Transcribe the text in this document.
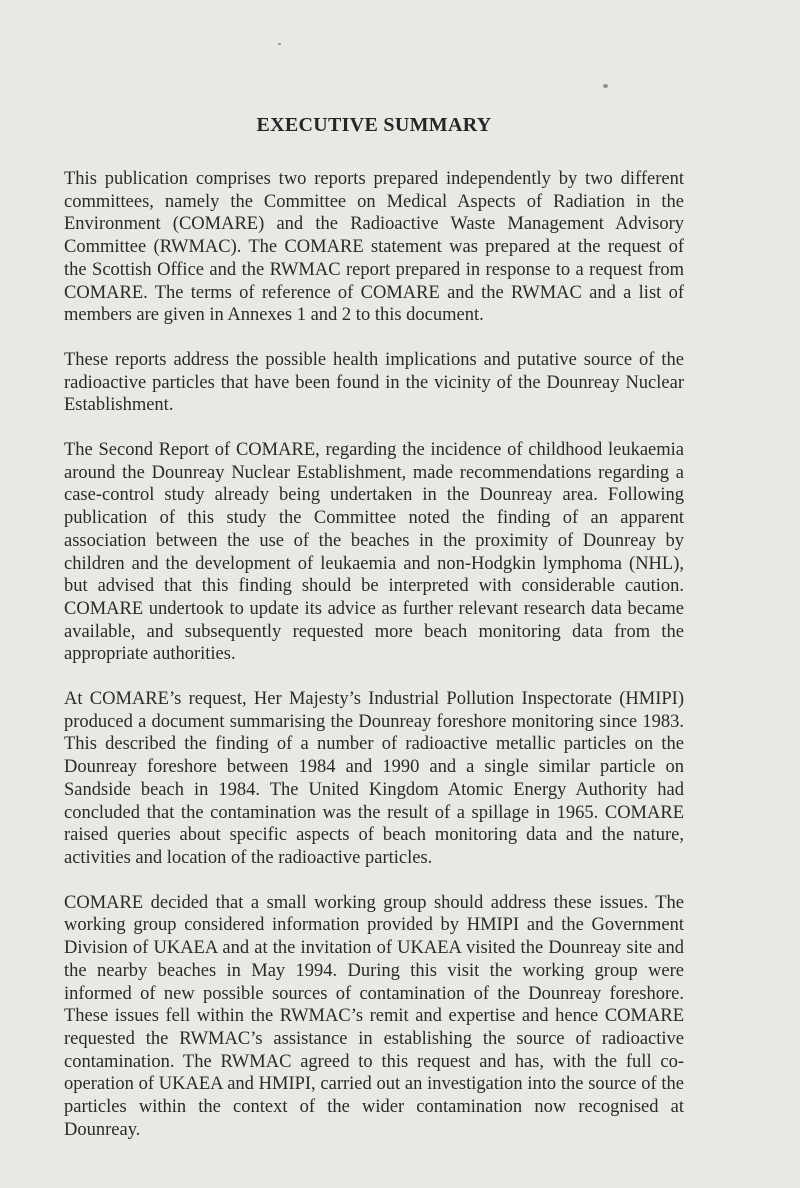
EXECUTIVE SUMMARY

This publication comprises two reports prepared independently by two different committees, namely the Committee on Medical Aspects of Radiation in the Environment (COMARE) and the Radioactive Waste Management Advisory Committee (RWMAC). The COMARE statement was prepared at the request of the Scottish Office and the RWMAC report prepared in response to a request from COMARE. The terms of reference of COMARE and the RWMAC and a list of members are given in Annexes 1 and 2 to this document.

These reports address the possible health implications and putative source of the radioactive particles that have been found in the vicinity of the Dounreay Nuclear Establishment.

The Second Report of COMARE, regarding the incidence of childhood leukaemia around the Dounreay Nuclear Establishment, made recommendations regarding a case-control study already being undertaken in the Dounreay area. Following publication of this study the Committee noted the finding of an apparent association between the use of the beaches in the proximity of Dounreay by children and the development of leukaemia and non-Hodgkin lymphoma (NHL), but advised that this finding should be interpreted with considerable caution. COMARE undertook to update its advice as further relevant research data became available, and subsequently requested more beach monitoring data from the appropriate authorities.

At COMARE’s request, Her Majesty’s Industrial Pollution Inspectorate (HMIPI) produced a document summarising the Dounreay foreshore monitoring since 1983. This described the finding of a number of radioactive metallic particles on the Dounreay foreshore between 1984 and 1990 and a single similar particle on Sandside beach in 1984. The United Kingdom Atomic Energy Authority had concluded that the contamination was the result of a spillage in 1965. COMARE raised queries about specific aspects of beach monitoring data and the nature, activities and location of the radioactive particles.

COMARE decided that a small working group should address these issues. The working group considered information provided by HMIPI and the Government Division of UKAEA and at the invitation of UKAEA visited the Dounreay site and the nearby beaches in May 1994. During this visit the working group were informed of new possible sources of contamination of the Dounreay foreshore. These issues fell within the RWMAC’s remit and expertise and hence COMARE requested the RWMAC’s assistance in establishing the source of radioactive contamination. The RWMAC agreed to this request and has, with the full co-operation of UKAEA and HMIPI, carried out an investigation into the source of the particles within the context of the wider contamination now recognised at Dounreay.
